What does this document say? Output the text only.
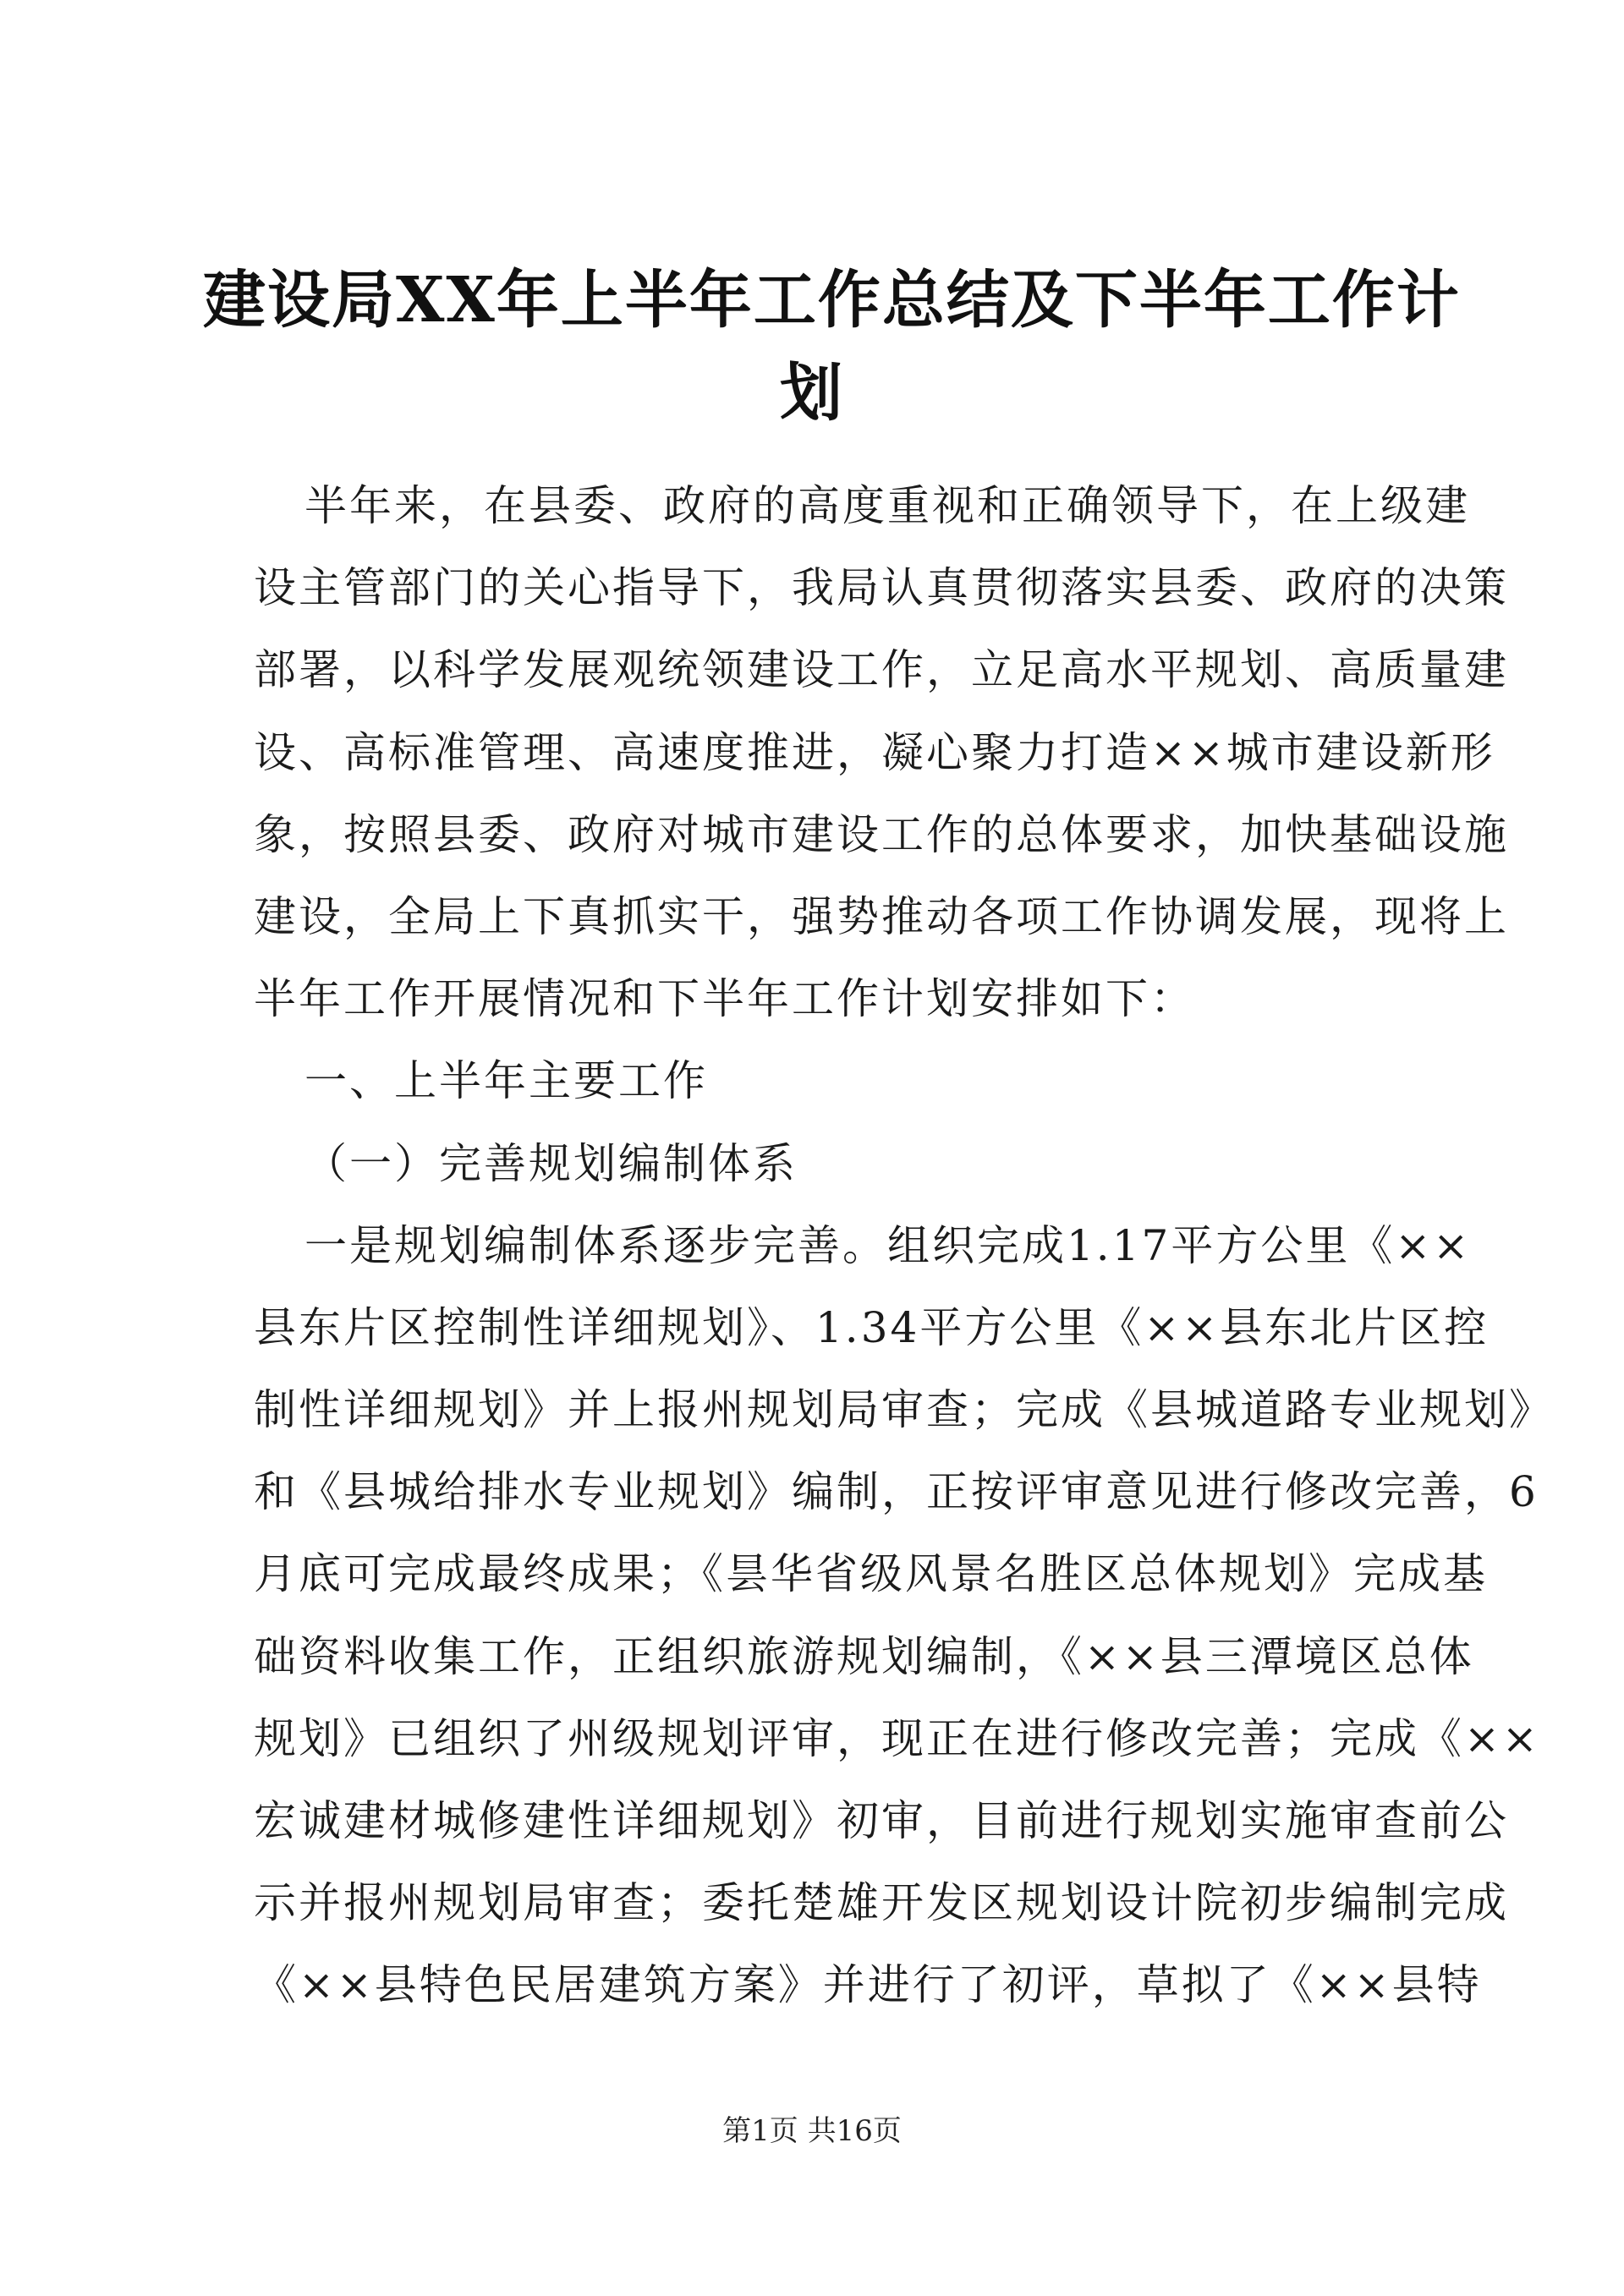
建设局XX年上半年工作总结及下半年工作计
划
半年来，在县委、政府的高度重视和正确领导下，在上级建
设主管部门的关心指导下，我局认真贯彻落实县委、政府的决策
部署，以科学发展观统领建设工作，立足高水平规划、高质量建
设、高标准管理、高速度推进，凝心聚力打造××城市建设新形
象，按照县委、政府对城市建设工作的总体要求，加快基础设施
建设，全局上下真抓实干，强势推动各项工作协调发展，现将上
半年工作开展情况和下半年工作计划安排如下：
一、上半年主要工作
（一）完善规划编制体系
一是规划编制体系逐步完善。组织完成1.17平方公里《××
县东片区控制性详细规划》、1.34平方公里《××县东北片区控
制性详细规划》并上报州规划局审查；完成《县城道路专业规划》
和《县城给排水专业规划》编制，正按评审意见进行修改完善，6
月底可完成最终成果；《昙华省级风景名胜区总体规划》完成基
础资料收集工作，正组织旅游规划编制，《××县三潭境区总体
规划》已组织了州级规划评审，现正在进行修改完善；完成《××
宏诚建材城修建性详细规划》初审，目前进行规划实施审查前公
示并报州规划局审查；委托楚雄开发区规划设计院初步编制完成
《××县特色民居建筑方案》并进行了初评，草拟了《××县特
第1页 共16页
